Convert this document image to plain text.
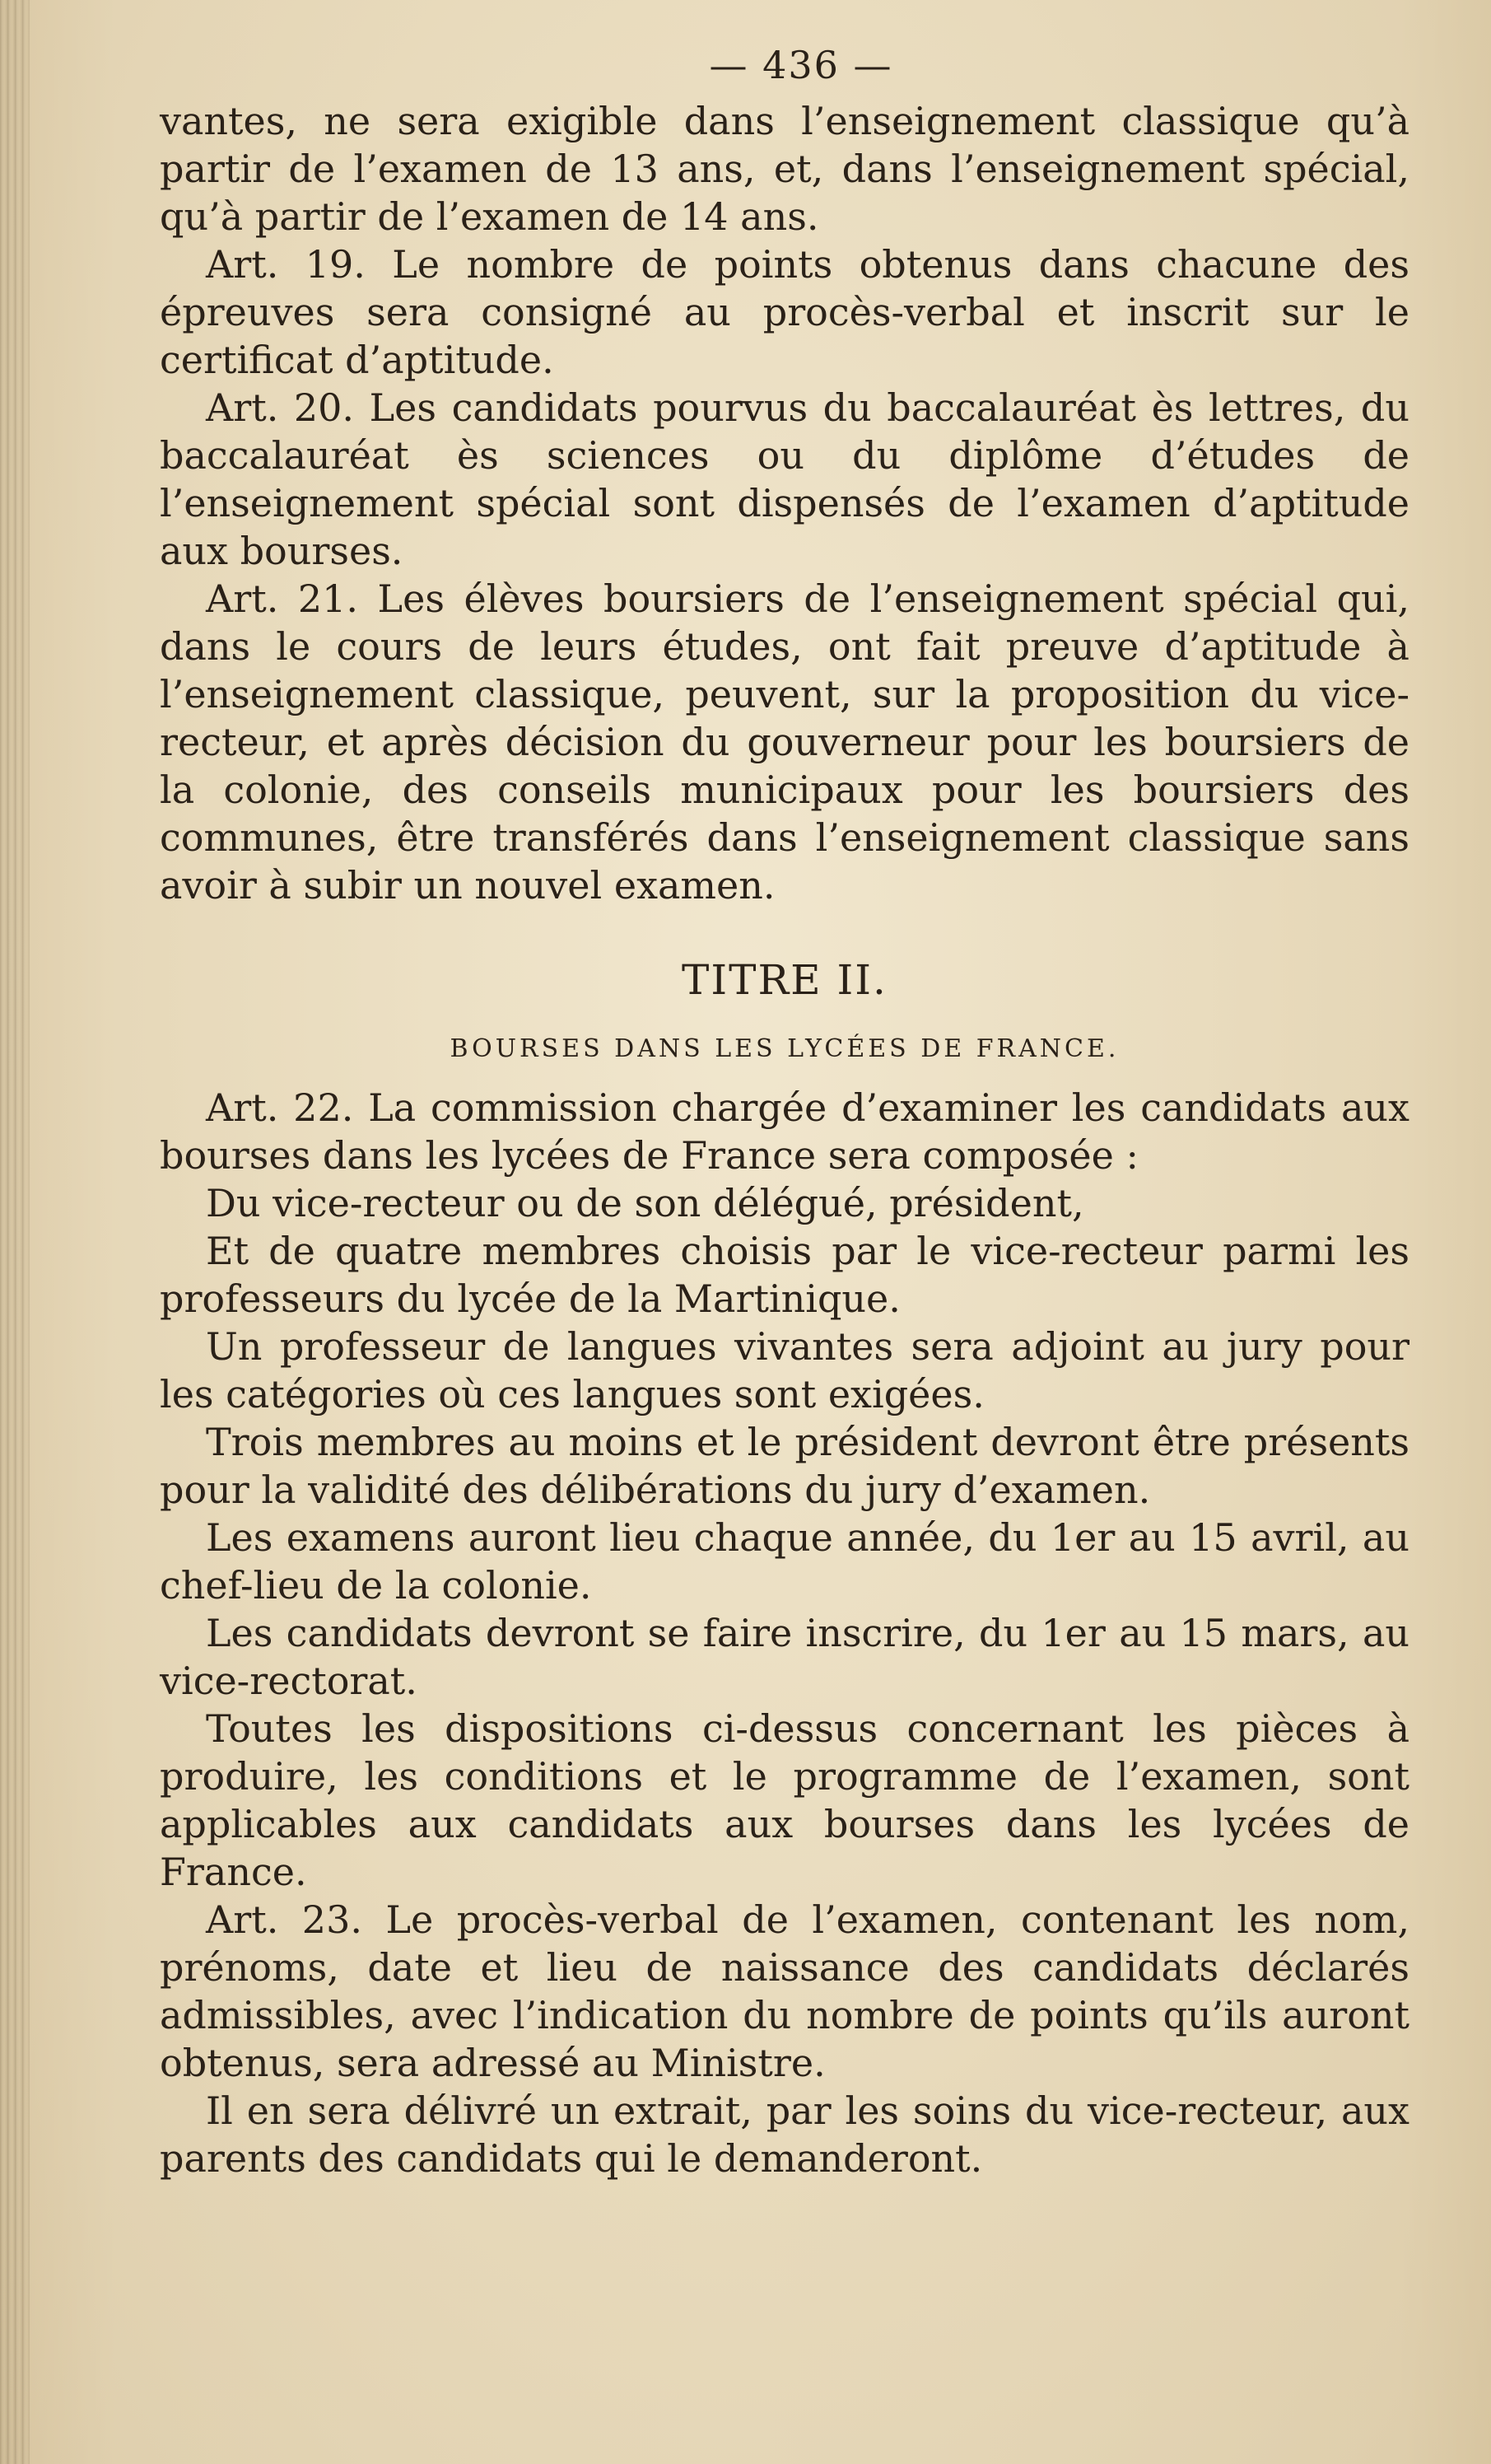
— 436 —

vantes, ne sera exigible dans l’enseignement classique qu’à partir de l’examen de 13 ans, et, dans l’enseignement spécial, qu’à partir de l’examen de 14 ans.

Art. 19. Le nombre de points obtenus dans chacune des épreuves sera consigné au procès-verbal et inscrit sur le certificat d’aptitude.

Art. 20. Les candidats pourvus du baccalauréat ès lettres, du baccalauréat ès sciences ou du diplôme d’études de l’enseignement spécial sont dispensés de l’examen d’aptitude aux bourses.

Art. 21. Les élèves boursiers de l’enseignement spécial qui, dans le cours de leurs études, ont fait preuve d’aptitude à l’enseignement classique, peuvent, sur la proposition du vice-recteur, et après décision du gouverneur pour les boursiers de la colonie, des conseils municipaux pour les boursiers des communes, être transférés dans l’enseignement classique sans avoir à subir un nouvel examen.

TITRE II.
BOURSES DANS LES LYCÉES DE FRANCE.

Art. 22. La commission chargée d’examiner les candidats aux bourses dans les lycées de France sera composée :

Du vice-recteur ou de son délégué, président,

Et de quatre membres choisis par le vice-recteur parmi les professeurs du lycée de la Martinique.

Un professeur de langues vivantes sera adjoint au jury pour les catégories où ces langues sont exigées.

Trois membres au moins et le président devront être présents pour la validité des délibérations du jury d’examen.

Les examens auront lieu chaque année, du 1er au 15 avril, au chef-lieu de la colonie.

Les candidats devront se faire inscrire, du 1er au 15 mars, au vice-rectorat.

Toutes les dispositions ci-dessus concernant les pièces à produire, les conditions et le programme de l’examen, sont applicables aux candidats aux bourses dans les lycées de France.

Art. 23. Le procès-verbal de l’examen, contenant les nom, prénoms, date et lieu de naissance des candidats déclarés admissibles, avec l’indication du nombre de points qu’ils auront obtenus, sera adressé au Ministre.

Il en sera délivré un extrait, par les soins du vice-recteur, aux parents des candidats qui le demanderont.
